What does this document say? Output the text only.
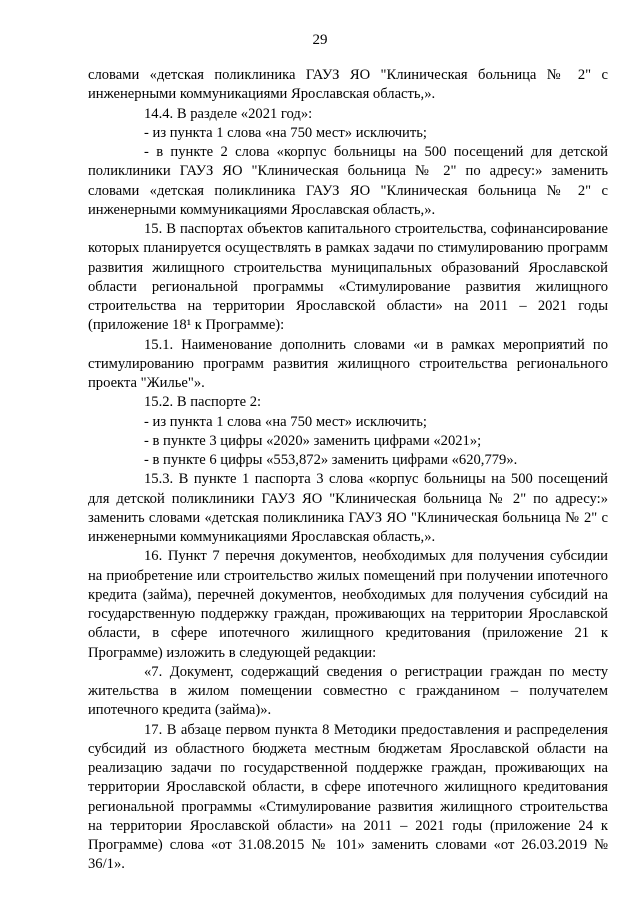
29

словами «детская поликлиника ГАУЗ ЯО "Клиническая больница № 2" с инженерными коммуникациями Ярославская область,».

14.4. В разделе «2021 год»:

- из пункта 1 слова «на 750 мест» исключить;

- в пункте 2 слова «корпус больницы на 500 посещений для детской поликлиники ГАУЗ ЯО "Клиническая больница № 2" по адресу:» заменить словами «детская поликлиника ГАУЗ ЯО "Клиническая больница № 2" с инженерными коммуникациями Ярославская область,».

15. В паспортах объектов капитального строительства, софинансирование которых планируется осуществлять в рамках задачи по стимулированию программ развития жилищного строительства муниципальных образований Ярославской области региональной программы «Стимулирование развития жилищного строительства на территории Ярославской области» на 2011 – 2021 годы (приложение 18¹ к Программе):

15.1. Наименование дополнить словами «и в рамках мероприятий по стимулированию программ развития жилищного строительства регионального проекта "Жилье"».

15.2. В паспорте 2:

- из пункта 1 слова «на 750 мест» исключить;

- в пункте 3 цифры «2020» заменить цифрами «2021»;

- в пункте 6 цифры «553,872» заменить цифрами «620,779».

15.3. В пункте 1 паспорта 3 слова «корпус больницы на 500 посещений для детской поликлиники ГАУЗ ЯО "Клиническая больница № 2" по адресу:» заменить словами «детская поликлиника ГАУЗ ЯО "Клиническая больница № 2" с инженерными коммуникациями Ярославская область,».

16. Пункт 7 перечня документов, необходимых для получения субсидии на приобретение или строительство жилых помещений при получении ипотечного кредита (займа), перечней документов, необходимых для получения субсидий на государственную поддержку граждан, проживающих на территории Ярославской области, в сфере ипотечного жилищного кредитования (приложение 21 к Программе) изложить в следующей редакции:

«7. Документ, содержащий сведения о регистрации граждан по месту жительства в жилом помещении совместно с гражданином – получателем ипотечного кредита (займа)».

17. В абзаце первом пункта 8 Методики предоставления и распределения субсидий из областного бюджета местным бюджетам Ярославской области на реализацию задачи по государственной поддержке граждан, проживающих на территории Ярославской области, в сфере ипотечного жилищного кредитования региональной программы «Стимулирование развития жилищного строительства на территории Ярославской области» на 2011 – 2021 годы (приложение 24 к Программе) слова «от 31.08.2015 № 101» заменить словами «от 26.03.2019 № 36/1».
